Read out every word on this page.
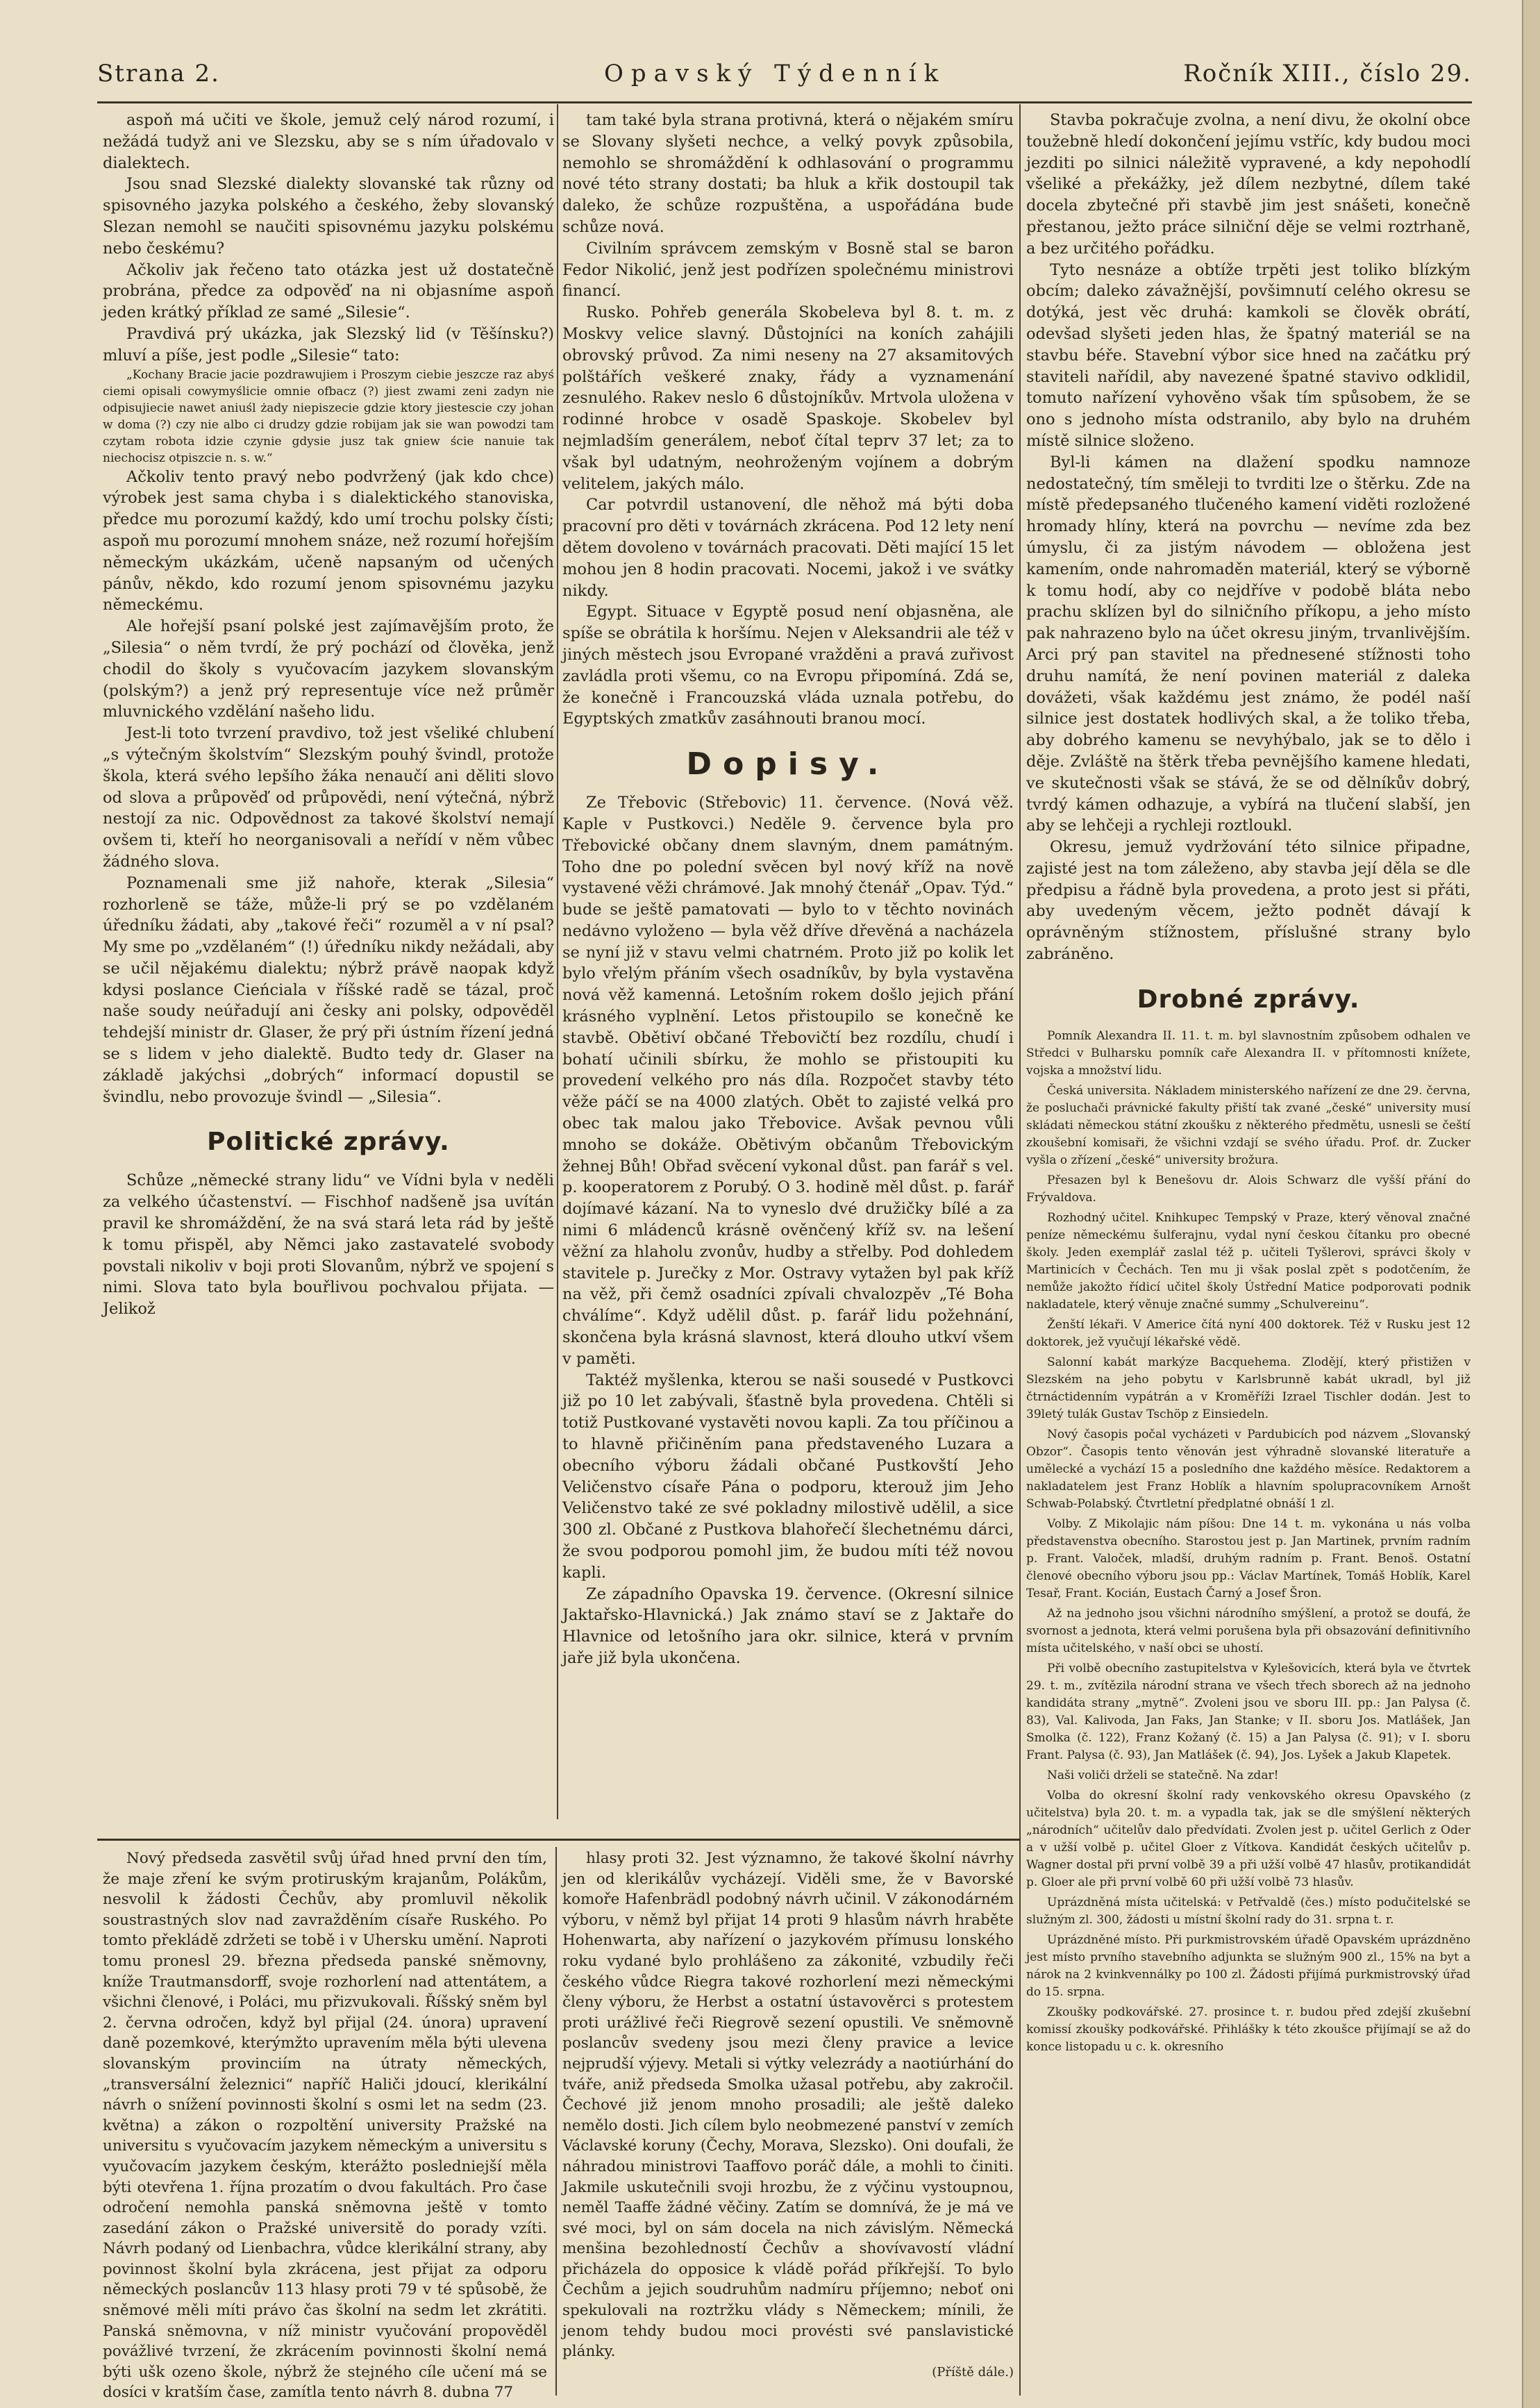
Strana 2.	Opavský Týdenník	Ročník XIII., číslo 29.

aspoň má učiti ve škole, jemuž celý národ rozumí, i nežádá tudyž ani ve Slezsku, aby se s ním úřadovalo v dialektech.

Jsou snad Slezské dialekty slovanské tak různy od spisovného jazyka polského a českého, žeby slovanský Slezan nemohl se naučiti spisovnému jazyku polskému nebo českému?

Ačkoliv jak řečeno tato otázka jest už dostatečně probrána, předce za odpověď na ni objasníme aspoň jeden krátký příklad ze samé „Silesie“.

Pravdivá prý ukázka, jak Slezský lid (v Těšínsku?) mluví a píše, jest podle „Silesie“ tato:

„Kochany Bracie jacie pozdrawujiem i Proszym ciebie jeszcze raz abyś ciemi opisali cowymyślicie omnie ofbacz (?) jiest zwami zeni zadyn nie odpisujiecie nawet aniuśl żady niepiszecie gdzie ktory jiestescie czy johan w doma (?) czy nie albo ci drudzy gdzie robijam jak sie wan powodzi tam czytam robota idzie czynie gdysie jusz tak gniew ście nanuie tak niechocisz otpiszcie n. s. w.“

Ačkoliv tento pravý nebo podvržený (jak kdo chce) výrobek jest sama chyba i s dialektického stanoviska, předce mu porozumí každý, kdo umí trochu polsky čísti; aspoň mu porozumí mnohem snáze, než rozumí hořejším německým ukázkám, učeně napsaným od učených pánův, někdo, kdo rozumí jenom spisovnému jazyku německému.

Ale hořejší psaní polské jest zajímavějším proto, že „Silesia“ o něm tvrdí, že prý pochází od člověka, jenž chodil do školy s vyučovacím jazykem slovanským (polským?) a jenž prý representuje více než průměr mluvnického vzdělání našeho lidu.

Jest-li toto tvrzení pravdivo, tož jest všeliké chlubení „s výtečným školstvím“ Slezským pouhý švindl, protože škola, která svého lepšího žáka nenaučí ani děliti slovo od slova a průpověď od průpovědi, není výtečná, nýbrž nestojí za nic. Odpovědnost za takové školství nemají ovšem ti, kteří ho neorganisovali a neřídí v něm vůbec žádného slova.

Poznamenali sme již nahoře, kterak „Silesia“ rozhorleně se táže, může-li prý se po vzdělaném úředníku žádati, aby „takové řeči“ rozuměl a v ní psal? My sme po „vzdělaném“ (!) úředníku nikdy nežádali, aby se učil nějakému dialektu; nýbrž právě naopak když kdysi poslance Cieńciala v říšské radě se tázal, proč naše soudy neúřadují ani česky ani polsky, odpověděl tehdejší ministr dr. Glaser, že prý při ústním řízení jedná se s lidem v jeho dialektě. Budto tedy dr. Glaser na základě jakýchsi „dobrých“ informací dopustil se švindlu, nebo provozuje švindl — „Silesia“.

Politické zprávy.

Schůze „německé strany lidu“ ve Vídni byla v neděli za velkého účastenství. — Fischhof nadšeně jsa uvítán pravil ke shromáždění, že na svá stará leta rád by ještě k tomu přispěl, aby Němci jako zastavatelé svobody povstali nikoliv v boji proti Slovanům, nýbrž ve spojení s nimi. Slova tato byla bouřlivou pochvalou přijata. — Jelikož

tam také byla strana protivná, která o nějakém smíru se Slovany slyšeti nechce, a velký povyk způsobila, nemohlo se shromáždění k odhlasování o programmu nové této strany dostati; ba hluk a křik dostoupil tak daleko, že schůze rozpuštěna, a uspořádána bude schůze nová.

Civilním správcem zemským v Bosně stal se baron Fedor Nikolić, jenž jest podřízen společnému ministrovi financí.

Rusko. Pohřeb generála Skobeleva byl 8. t. m. z Moskvy velice slavný. Důstojníci na koních zahájili obrovský průvod. Za nimi neseny na 27 aksamitových polštářích veškeré znaky, řády a vyznamenání zesnulého. Rakev neslo 6 důstojníkův. Mrtvola uložena v rodinné hrobce v osadě Spaskoje. Skobelev byl nejmladším generálem, neboť čítal teprv 37 let; za to však byl udatným, neohroženým vojínem a dobrým velitelem, jakých málo.

Car potvrdil ustanovení, dle něhož má býti doba pracovní pro děti v továrnách zkrácena. Pod 12 lety není dětem dovoleno v továrnách pracovati. Děti mající 15 let mohou jen 8 hodin pracovati. Nocemi, jakož i ve svátky nikdy.

Egypt. Situace v Egyptě posud není objasněna, ale spíše se obrátila k horšímu. Nejen v Aleksandrii ale též v jiných městech jsou Evropané vražděni a pravá zuřivost zavládla proti všemu, co na Evropu připomíná. Zdá se, že konečně i Francouzská vláda uznala potřebu, do Egyptských zmatkův zasáhnouti branou mocí.

Dopisy.

Ze Třebovic (Střebovic) 11. července. (Nová věž. Kaple v Pustkovci.) Neděle 9. července byla pro Třebovické občany dnem slavným, dnem památným. Toho dne po polední svěcen byl nový kříž na nově vystavené věži chrámové. Jak mnohý čtenář „Opav. Týd.“ bude se ještě pamatovati — bylo to v těchto novinách nedávno vyloženo — byla věž dříve dřevěná a nacházela se nyní již v stavu velmi chatrném. Proto již po kolik let bylo vřelým přáním všech osadníkův, by byla vystavěna nová věž kamenná. Letošním rokem došlo jejich přání krásného vyplnění. Letos přistoupilo se konečně ke stavbě. Obětiví občané Třebovičtí bez rozdílu, chudí i bohatí učinili sbírku, že mohlo se přistoupiti ku provedení velkého pro nás díla. Rozpočet stavby této věže páčí se na 4000 zlatých. Obět to zajisté velká pro obec tak malou jako Třebovice. Avšak pevnou vůli mnoho se dokáže. Obětivým občanům Třebovickým žehnej Bůh! Obřad svěcení vykonal důst. pan farář s vel. p. kooperatorem z Porubý. O 3. hodině měl důst. p. farář dojímavé kázaní. Na to vyneslo dvé družičky bílé a za nimi 6 mládenců krásně ověnčený kříž sv. na lešení věžní za hlaholu zvonův, hudby a střelby. Pod dohledem stavitele p. Jurečky z Mor. Ostravy vytažen byl pak kříž na věž, při čemž osadníci zpívali chvalozpěv „Té Boha chválíme“. Když udělil důst. p. farář lidu požehnání, skončena byla krásná slavnost, která dlouho utkví všem v paměti.

Taktéž myšlenka, kterou se naši sousedé v Pustkovci již po 10 let zabývali, šťastně byla provedena. Chtěli si totiž Pustkované vystavěti novou kapli. Za tou příčinou a to hlavně přičiněním pana představeného Luzara a obecního výboru žádali občané Pustkovští Jeho Veličenstvo císaře Pána o podporu, kterouž jim Jeho Veličenstvo také ze své pokladny milostivě udělil, a sice 300 zl. Občané z Pustkova blahořečí šlechetnému dárci, že svou podporou pomohl jim, že budou míti též novou kapli.

Ze západního Opavska 19. července. (Okresní silnice Jaktařsko-Hlavnická.) Jak známo staví se z Jaktaře do Hlavnice od letošního jara okr. silnice, která v prvním jaře již byla ukončena.

Stavba pokračuje zvolna, a není divu, že okolní obce toužebně hledí dokončení jejímu vstříc, kdy budou moci jezditi po silnici náležitě vypravené, a kdy nepohodlí všeliké a překážky, jež dílem nezbytné, dílem také docela zbytečné při stavbě jim jest snášeti, konečně přestanou, ježto práce silniční děje se velmi roztrhaně, a bez určitého pořádku.

Tyto nesnáze a obtíže trpěti jest toliko blízkým obcím; daleko závažnější, povšimnutí celého okresu se dotýká, jest věc druhá: kamkoli se člověk obrátí, odevšad slyšeti jeden hlas, že špatný materiál se na stavbu béře. Stavební výbor sice hned na začátku prý staviteli nařídil, aby navezené špatné stavivo odklidil, tomuto nařízení vyhověno však tím spůsobem, že se ono s jednoho místa odstranilo, aby bylo na druhém místě silnice složeno.

Byl-li kámen na dlažení spodku namnoze nedostatečný, tím směleji to tvrditi lze o štěrku. Zde na místě předepsaného tlučeného kamení viděti rozložené hromady hlíny, která na povrchu — nevíme zda bez úmyslu, či za jistým návodem — obložena jest kamením, onde nahromaděn materiál, který se výborně k tomu hodí, aby co nejdříve v podobě bláta nebo prachu sklízen byl do silničního příkopu, a jeho místo pak nahrazeno bylo na účet okresu jiným, trvanlivějším. Arci prý pan stavitel na přednesené stížnosti toho druhu namítá, že není povinen materiál z daleka dovážeti, však každému jest známo, že podél naší silnice jest dostatek hodlivých skal, a že toliko třeba, aby dobrého kamenu se nevyhýbalo, jak se to dělo i děje. Zvláště na štěrk třeba pevnějšího kamene hledati, ve skutečnosti však se stává, že se od dělníkův dobrý, tvrdý kámen odhazuje, a vybírá na tlučení slabší, jen aby se lehčeji a rychleji roztloukl.

Okresu, jemuž vydržování této silnice připadne, zajisté jest na tom záleženo, aby stavba její děla se dle předpisu a řádně byla provedena, a proto jest si přáti, aby uvedeným věcem, ježto podnět dávají k oprávněným stížnostem, příslušné strany bylo zabráněno.

Drobné zprávy.

Pomník Alexandra II. 11. t. m. byl slavnostním způsobem odhalen ve Středci v Bulharsku pomník caře Alexandra II. v přítomnosti knížete, vojska a množství lidu.

Česká universita. Nákladem ministerského nařízení ze dne 29. června, že posluchači právnické fakulty přiští tak zvané „české“ university musí skládati německou státní zkoušku z některého předmětu, usnesli se čeští zkoušební komisaři, že všichni vzdají se svého úřadu. Prof. dr. Zucker vyšla o zřízení „české“ university brožura.

Přesazen byl k Benešovu dr. Alois Schwarz dle vyšší přání do Frývaldova.

Rozhodný učitel. Knihkupec Tempský v Praze, který věnoval značné peníze německému šulferajnu, vydal nyní českou čítanku pro obecné školy. Jeden exemplář zaslal též p. učiteli Tyšlerovi, správci školy v Martinicích v Čechách. Ten mu ji však poslal zpět s podotčením, že nemůže jakožto řídicí učitel školy Ústřední Matice podporovati podnik nakladatele, který věnuje značné summy „Schulvereinu“.

Ženští lékaři. V Americe čítá nyní 400 doktorek. Též v Rusku jest 12 doktorek, jež vyučují lékařské vědě.

Salonní kabát markýze Bacquehema. Zlodějí, který přistižen v Slezském na jeho pobytu v Karlsbrunně kabát ukradl, byl již čtrnáctidenním vypátrán a v Kroměříži Izrael Tischler dodán. Jest to 39letý tulák Gustav Tschöp z Einsiedeln.

Nový časopis počal vycházeti v Pardubicích pod názvem „Slovanský Obzor“. Časopis tento věnován jest výhradně slovanské literatuře a umělecké a vychází 15 a posledního dne každého měsíce. Redaktorem a nakladatelem jest Franz Hoblík a hlavním spolupracovníkem Arnošt Schwab-Polabský. Čtvrtletní předplatné obnáší 1 zl.

Volby. Z Mikolajic nám píšou: Dne 14 t. m. vykonána u nás volba představenstva obecního. Starostou jest p. Jan Martinek, prvním radním p. Frant. Valoček, mladší, druhým radním p. Frant. Benoš. Ostatní členové obecního výboru jsou pp.: Václav Martínek, Tomáš Hoblík, Karel Tesař, Frant. Kocián, Eustach Čarný a Josef Šron.

Až na jednoho jsou všichni národního smýšlení, a protož se doufá, že svornost a jednota, která velmi porušena byla při obsazování definitivního místa učitelského, v naší obci se uhostí.

Při volbě obecního zastupitelstva v Kylešovicích, která byla ve čtvrtek 29. t. m., zvítězila národní strana ve všech třech sborech až na jednoho kandidáta strany „mytně“. Zvoleni jsou ve sboru III. pp.: Jan Palysa (č. 83), Val. Kalivoda, Jan Faks, Jan Stanke; v II. sboru Jos. Matlášek, Jan Smolka (č. 122), Franz Kožaný (č. 15) a Jan Palysa (č. 91); v I. sboru Frant. Palysa (č. 93), Jan Matlášek (č. 94), Jos. Lyšek a Jakub Klapetek.

Naši voliči drželi se statečně. Na zdar!

Volba do okresní školní rady venkovského okresu Opavského (z učitelstva) byla 20. t. m. a vypadla tak, jak se dle smýšlení některých „národních“ učitelův dalo předvídati. Zvolen jest p. učitel Gerlich z Oder a v užší volbě p. učitel Gloer z Vítkova. Kandidát českých učitelův p. Wagner dostal při první volbě 39 a při užší volbě 47 hlasův, protikandidát p. Gloer ale při první volbě 60 při užší volbě 73 hlasův.

Uprázdněná místa učitelská: v Petřvaldě (čes.) místo podučitelské se služným zl. 300, žádosti u místní školní rady do 31. srpna t. r.

Uprázdněné místo. Při purkmistrovském úřadě Opavském uprázdněno jest místo prvního stavebního adjunkta se služným 900 zl., 15% na byt a nárok na 2 kvinkvennálky po 100 zl. Žádosti přijímá purkmistrovský úřad do 15. srpna.

Zkoušky podkovářské. 27. prosince t. r. budou před zdejší zkušební komissí zkoušky podkovářské. Přihlášky k této zkoušce přijímají se až do konce listopadu u c. k. okresního

Nový předseda zasvětil svůj úřad hned první den tím, že maje zření ke svým protiruským krajanům, Polákům, nesvolil k žádosti Čechův, aby promluvil několik soustrastných slov nad zavražděním císaře Ruského. Po tomto překládě zdržeti se tobě i v Uhersku umění. Naproti tomu pronesl 29. března předseda panské sněmovny, kníže Trautmansdorff, svoje rozhorlení nad attentátem, a všichni členové, i Poláci, mu přizvukovali. Říšský sněm byl 2. června odročen, když byl přijal (24. února) upravení daně pozemkové, kterýmžto upravením měla býti ulevena slovanským provinciím na útraty německých, „transversální železnici“ napříč Haliči jdoucí, klerikální návrh o snížení povinnosti školní s osmi let na sedm (23. května) a zákon o rozpoltění university Pražské na universitu s vyučovacím jazykem německým a universitu s vyučovacím jazykem českým, kterážto posledniejší měla býti otevřena 1. října prozatím o dvou fakultách. Pro čase odročení nemohla panská sněmovna ještě v tomto zasedání zákon o Pražské universitě do porady vzíti. Návrh podaný od Lienbachra, vůdce klerikální strany, aby povinnost školní byla zkrácena, jest přijat za odporu německých poslancův 113 hlasy proti 79 v té spůsobě, že sněmové měli míti právo čas školní na sedm let zkrátiti. Panská sněmovna, v níž ministr vyučování propověděl povážlivé tvrzení, že zkrácením povinnosti školní nemá býti ušk ozeno škole, nýbrž že stejného cíle učení má se dosíci v kratším čase, zamítla tento návrh 8. dubna 77

hlasy proti 32. Jest významno, že takové školní návrhy jen od klerikálův vycházejí. Viděli sme, že v Bavorské komoře Hafenbrädl podobný návrh učinil. V zákonodárném výboru, v němž byl přijat 14 proti 9 hlasům návrh hraběte Hohenwarta, aby nařízení o jazykovém přímusu lonského roku vydané bylo prohlášeno za zákonité, vzbudily řeči českého vůdce Riegra takové rozhorlení mezi německými členy výboru, že Herbst a ostatní ústavověrci s protestem proti urážlivé řeči Riegrově sezení opustili. Ve sněmovně poslancův svedeny jsou mezi členy pravice a levice nejprudší výjevy. Metali si výtky velezrády a naotiúrhání do tváře, aniž předseda Smolka užasal potřebu, aby zakročil. Čechové již jenom mnoho prosadili; ale ještě daleko nemělo dosti. Jich cílem bylo neobmezené panství v zemích Václavské koruny (Čechy, Morava, Slezsko). Oni doufali, že náhradou ministrovi Taaffovo poráč dále, a mohli to činiti. Jakmile uskutečnili svoji hrozbu, že z výčinu vystoupnou, neměl Taaffe žádné věčiny. Zatím se domnívá, že je má ve své moci, byl on sám docela na nich závislým. Německá menšina bezohledností Čechův a shovívavostí vládní přicházela do opposice k vládě pořád příkřejší. To bylo Čechům a jejich soudruhům nadmíru příjemno; neboť oni spekulovali na roztržku vlády s Německem; mínili, že jenom tehdy budou moci provésti své panslavistické plánky.

(Příště dále.)
